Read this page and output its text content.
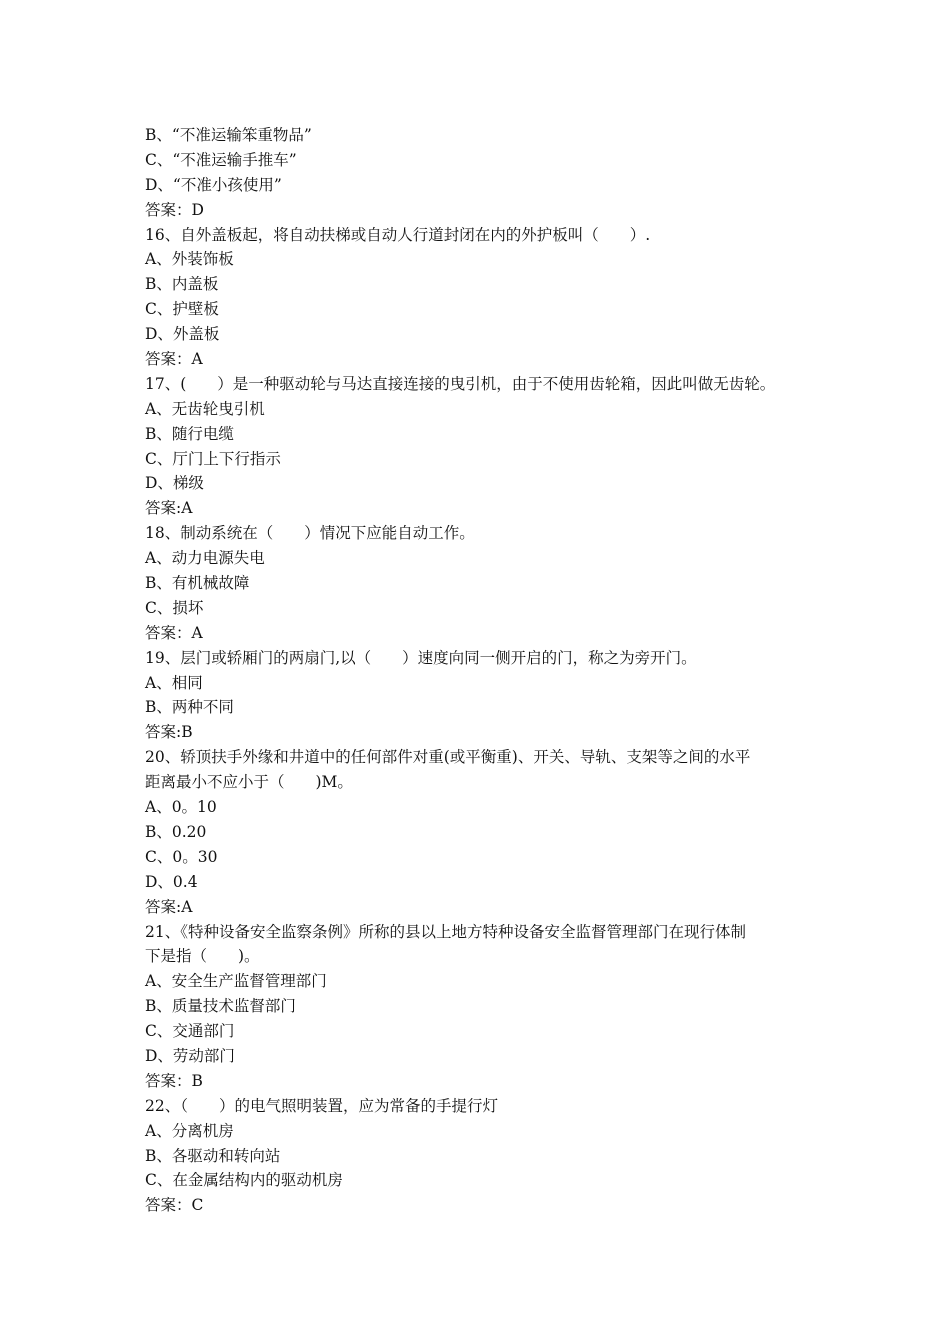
B、“不准运输笨重物品”
C、“不准运输手推车”
D、“不准小孩使用”
答案：D
16、自外盖板起，将自动扶梯或自动人行道封闭在内的外护板叫（　　）.
A、外装饰板
B、内盖板
C、护壁板
D、外盖板
答案：A
17、(　　）是一种驱动轮与马达直接连接的曳引机，由于不使用齿轮箱，因此叫做无齿轮。
A、无齿轮曳引机
B、随行电缆
C、厅门上下行指示
D、梯级
答案:A
18、制动系统在（　　）情况下应能自动工作。
A、动力电源失电
B、有机械故障
C、损坏
答案：A
19、层门或轿厢门的两扇门,以（　　）速度向同一侧开启的门，称之为旁开门。
A、相同
B、两种不同
答案:B
20、轿顶扶手外缘和井道中的任何部件对重(或平衡重)、开关、导轨、支架等之间的水平
距离最小不应小于（　　)M。
A、0。10
B、0.20
C、0。30
D、0.4
答案:A
21、《特种设备安全监察条例》所称的县以上地方特种设备安全监督管理部门在现行体制
下是指（　　)。
A、安全生产监督管理部门
B、质量技术监督部门
C、交通部门
D、劳动部门
答案：B
22、（　　）的电气照明装置，应为常备的手提行灯
A、分离机房
B、各驱动和转向站
C、在金属结构内的驱动机房
答案：C
